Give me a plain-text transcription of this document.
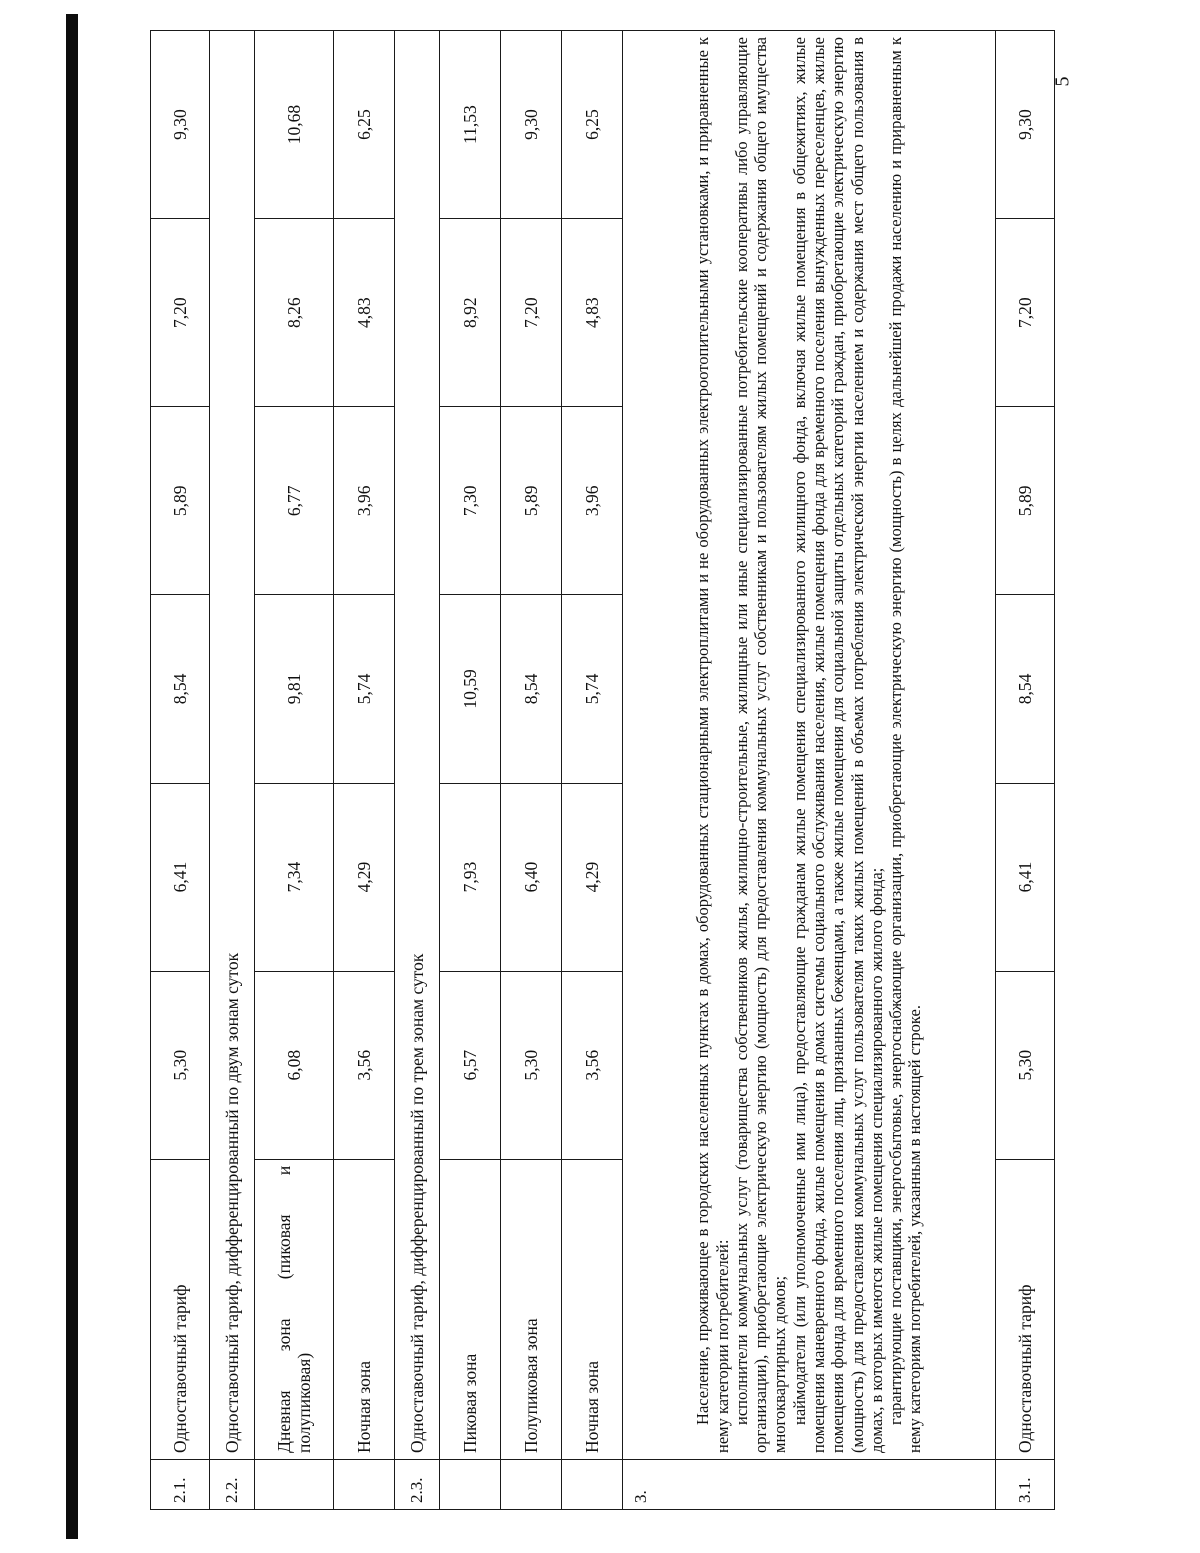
5
2.1.	Одноставочный тариф	5,30	6,41	8,54	5,89	7,20	9,30
2.2.	Одноставочный тариф, дифференцированный по двум зонам суток						

	Дневная
зона
(пиковая
и
полупиковая)	6,08	7,34	9,81	6,77	8,26	10,68
	Ночная зона	3,56	4,29	5,74	3,96	4,83	6,25
2.3.	Одноставочный тариф, дифференцированный по трем зонам суток						
	Пиковая зона	6,57	7,93	10,59	7,30	8,92	11,53
	Полупиковая зона	5,30	6,40	8,54	5,89	7,20	9,30
	Ночная зона	3,56	4,29	5,74	3,96	4,83	6,25
3.	Население, проживающее в городских населенных пунктах в домах, оборудованных стационарными электроплитами и не оборудованных электроотопительными установками, и приравненные к нему категории потребителей: исполнители коммунальных услуг (товарищества собственников жилья, жилищно-строительные, жилищные или иные специализированные потребительские кооперативы либо управляющие организации), приобретающие электрическую энергию (мощность) для предоставления коммунальных услуг собственникам и пользователям жилых помещений и содержания общего имущества многоквартирных домов; наймодатели (или уполномоченные ими лица), предоставляющие гражданам жилые помещения специализированного жилищного фонда, включая жилые помещения в общежитиях, жилые помещения маневренного фонда, жилые помещения в домах системы социального обслуживания населения, жилые помещения фонда для временного поселения вынужденных переселенцев, жилые помещения фонда для временного поселения лиц, признанных беженцами, а также жилые помещения для социальной защиты отдельных категорий граждан, приобретающие электрическую энергию (мощность) для предоставления коммунальных услуг пользователям таких жилых помещений в объемах потребления электрической энергии населением и содержания мест общего пользования в домах, в которых имеются жилые помещения специализированного жилого фонда; гарантирующие поставщики, энергосбытовые, энергоснабжающие организации, приобретающие электрическую энергию (мощность) в целях дальнейшей продажи населению и приравненным к нему категориям потребителей, указанным в настоящей строке.						

3.1.	Одноставочный тариф	5,30	6,41	8,54	5,89	7,20	9,30
